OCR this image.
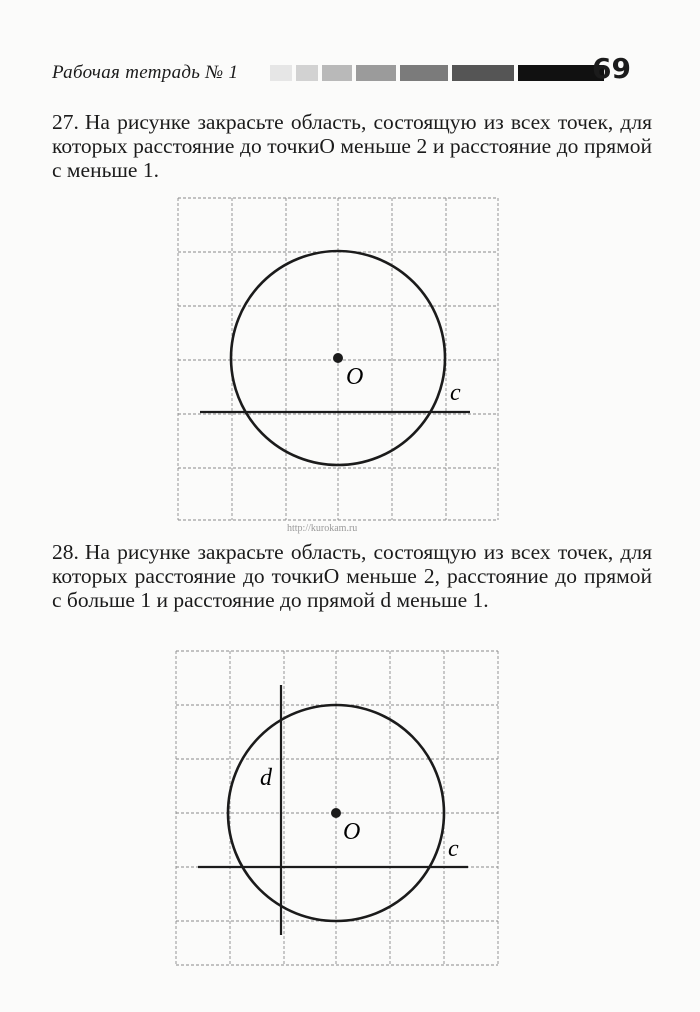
Рабочая тетрадь № 1	69
27. На рисунке закрасьте область, состоящую из всех точек, для которых расстояние до точкиO меньше 2 и расстояние до прямой c меньше 1.
O
c
http://kurokam.ru
28. На рисунке закрасьте область, состоящую из всех точек, для которых расстояние до точкиO меньше 2, расстояние до прямой c больше 1 и расстояние до прямой d меньше 1.
O
c
d
